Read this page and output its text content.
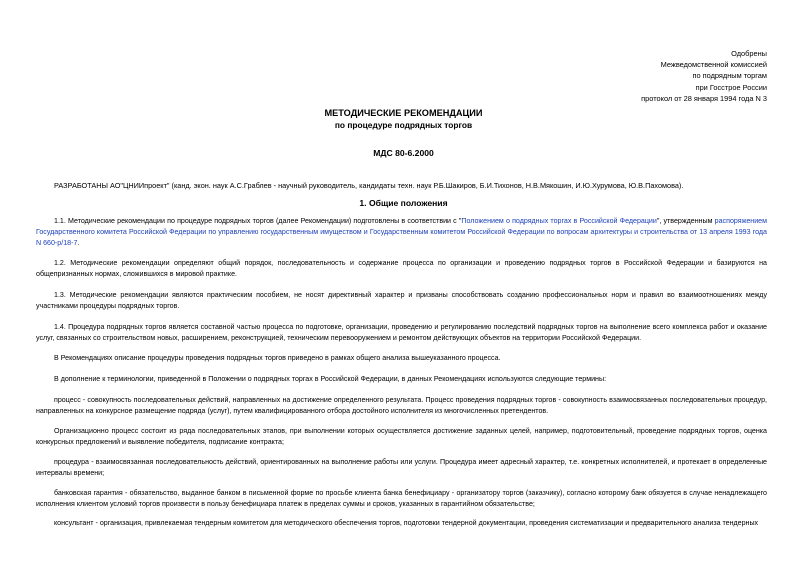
Одобрены
Межведомственной комиссией
по подрядным торгам
при Госстрое России
протокол от 28 января 1994 года N 3
МЕТОДИЧЕСКИЕ РЕКОМЕНДАЦИИ
по процедуре подрядных торгов
МДС 80-6.2000
РАЗРАБОТАНЫ АО"ЦНИИпроект" (канд. экон. наук А.С.Граблев - научный руководитель, кандидаты техн. наук Р.Б.Шакиров, Б.И.Тихонов, Н.В.Мякошин, И.Ю.Хурумова, Ю.В.Пахомова).
1. Общие положения
1.1. Методические рекомендации по процедуре подрядных торгов (далее Рекомендации) подготовлены в соответствии с "Положением о подрядных торгах в Российской Федерации", утвержденным распоряжением Государственного комитета Российской Федерации по управлению государственным имуществом и Государственным комитетом Российской Федерации по вопросам архитектуры и строительства от 13 апреля 1993 года N 660-р/18-7.
1.2. Методические рекомендации определяют общий порядок, последовательность и содержание процесса по организации и проведению подрядных торгов в Российской Федерации и базируются на общепризнанных нормах, сложившихся в мировой практике.
1.3. Методические рекомендации являются практическим пособием, не носят директивный характер и призваны способствовать созданию профессиональных норм и правил во взаимоотношениях между участниками процедуры подрядных торгов.
1.4. Процедура подрядных торгов является составной частью процесса по подготовке, организации, проведению и регулированию последствий подрядных торгов на выполнение всего комплекса работ и оказание услуг, связанных со строительством новых, расширением, реконструкцией, техническим перевооружением и ремонтом действующих объектов на территории Российской Федерации.
В Рекомендациях описание процедуры проведения подрядных торгов приведено в рамках общего анализа вышеуказанного процесса.
В дополнение к терминологии, приведенной в Положении о подрядных торгах в Российской Федерации, в данных Рекомендациях используются следующие термины:
процесс - совокупность последовательных действий, направленных на достижение определенного результата. Процесс проведения подрядных торгов - совокупность взаимосвязанных последовательных процедур, направленных на конкурсное размещение подряда (услуг), путем квалифицированного отбора достойного исполнителя из многочисленных претендентов.
Организационно процесс состоит из ряда последовательных этапов, при выполнении которых осуществляется достижение заданных целей, например, подготовительный, проведение подрядных торгов, оценка конкурсных предложений и выявление победителя, подписание контракта;
процедура - взаимосвязанная последовательность действий, ориентированных на выполнение работы или услуги. Процедура имеет адресный характер, т.е. конкретных исполнителей, и протекает в определенные интервалы времени;
банковская гарантия - обязательство, выданное банком в письменной форме по просьбе клиента банка бенефициару - организатору торгов (заказчику), согласно которому банк обязуется в случае ненадлежащего исполнения клиентом условий торгов произвести в пользу бенефициара платеж в пределах суммы и сроков, указанных в гарантийном обязательстве;
консультант - организация, привлекаемая тендерным комитетом для методического обеспечения торгов, подготовки тендерной документации, проведения систематизации и предварительного анализа тендерных
